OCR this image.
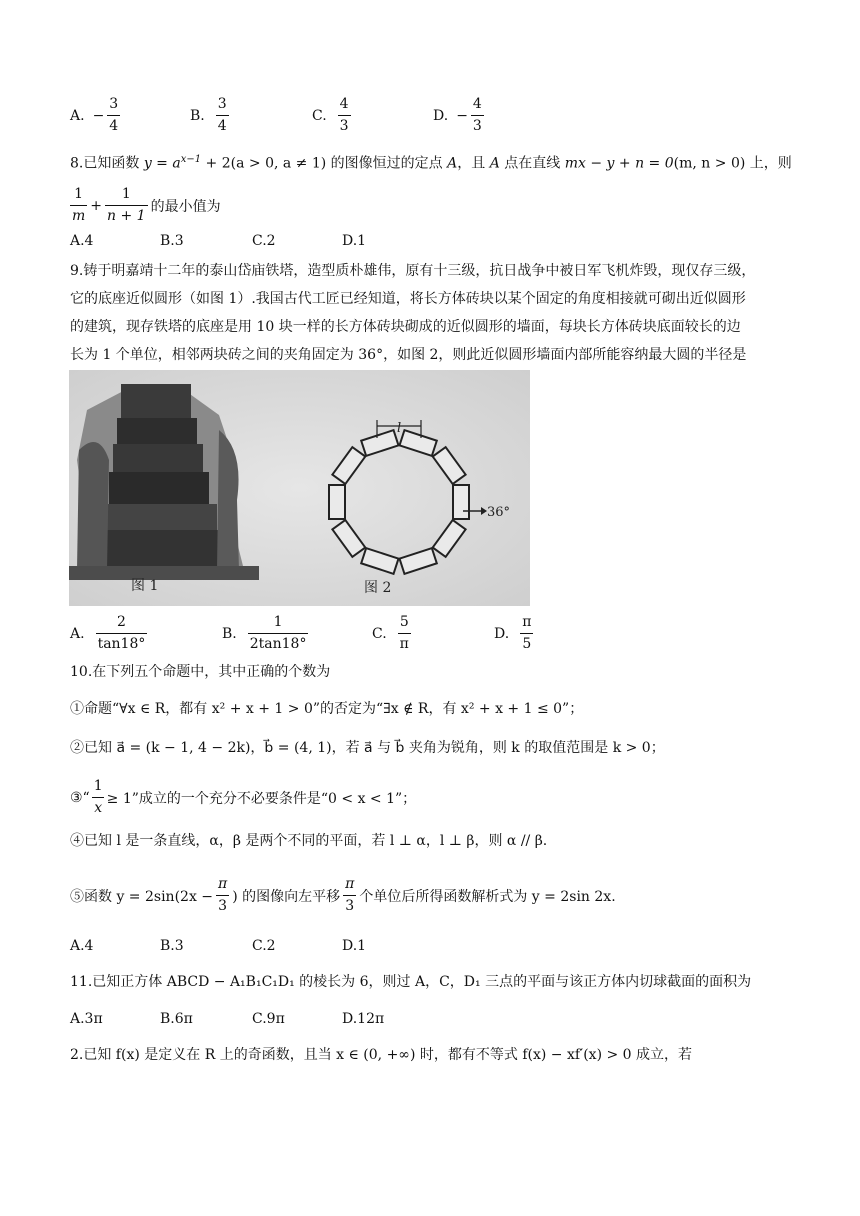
A. − $\frac{3}{4}$	B. $\frac{3}{4}$	C. $\frac{4}{3}$	D. − $\frac{4}{3}$
8.已知函数 $y = a^{x-1} + 2(a > 0$, a ≠ 1) 的图像恒过的定点 A，且 A 点在直线 mx − y + n = 0(m, n > 0) 上，则
$\frac{1}{m} + \frac{1}{n + 1}$ 的最小值为
A.4	B.3	C.2	D.1
9.铸于明嘉靖十二年的泰山岱庙铁塔，造型质朴雄伟，原有十三级，抗日战争中被日军飞机炸毁，现仅存三级，
它的底座近似圆形（如图 1）.我国古代工匠已经知道，将长方体砖块以某个固定的角度相接就可砌出近似圆形
的建筑，现存铁塔的底座是用 10 块一样的长方体砖块砌成的近似圆形的墙面，每块长方体砖块底面较长的边
长为 1 个单位，相邻两块砖之间的夹角固定为 36°，如图 2，则此近似圆形墙面内部所能容纳最大圆的半径是
图 1
l
36°
图 2
A. $\frac{2}{\tan 18^\circ}$	B. $\frac{1}{2\tan 18^\circ}$	C. $\frac{5}{\pi}$	D. $\frac{\pi}{5}$
10.在下列五个命题中，其中正确的个数为
①命题“∀x ∈ R，都有 x² + x + 1 > 0”的否定为“∃x ∉ R，有 x² + x + 1 ≤ 0”；
②已知 a⃗ = (k − 1, 4 − 2k)，b⃗ = (4, 1)，若 a⃗ 与 b⃗ 夹角为锐角，则 k 的取值范围是 k > 0；
③“ $\frac{1}{x} \ge 1$”成立的一个充分不必要条件是“0 < x < 1”；
④已知 l 是一条直线，α，β 是两个不同的平面，若 l ⊥ α，l ⊥ β，则 α // β.
⑤函数 $y = 2\sin(2x - \frac{\pi}{3}$ ) 的图像向左平移 $\frac{\pi}{3}$ 个单位后所得函数解析式为 y = 2sin 2x.
A.4	B.3	C.2	D.1
11.已知正方体 ABCD − A₁B₁C₁D₁ 的棱长为 6，则过 A，C，D₁ 三点的平面与该正方体内切球截面的面积为
A.3π	B.6π	C.9π	D.12π
2.已知 f(x) 是定义在 R 上的奇函数，且当 x ∈ (0, +∞) 时，都有不等式 f(x) − xf′(x) > 0 成立，若
